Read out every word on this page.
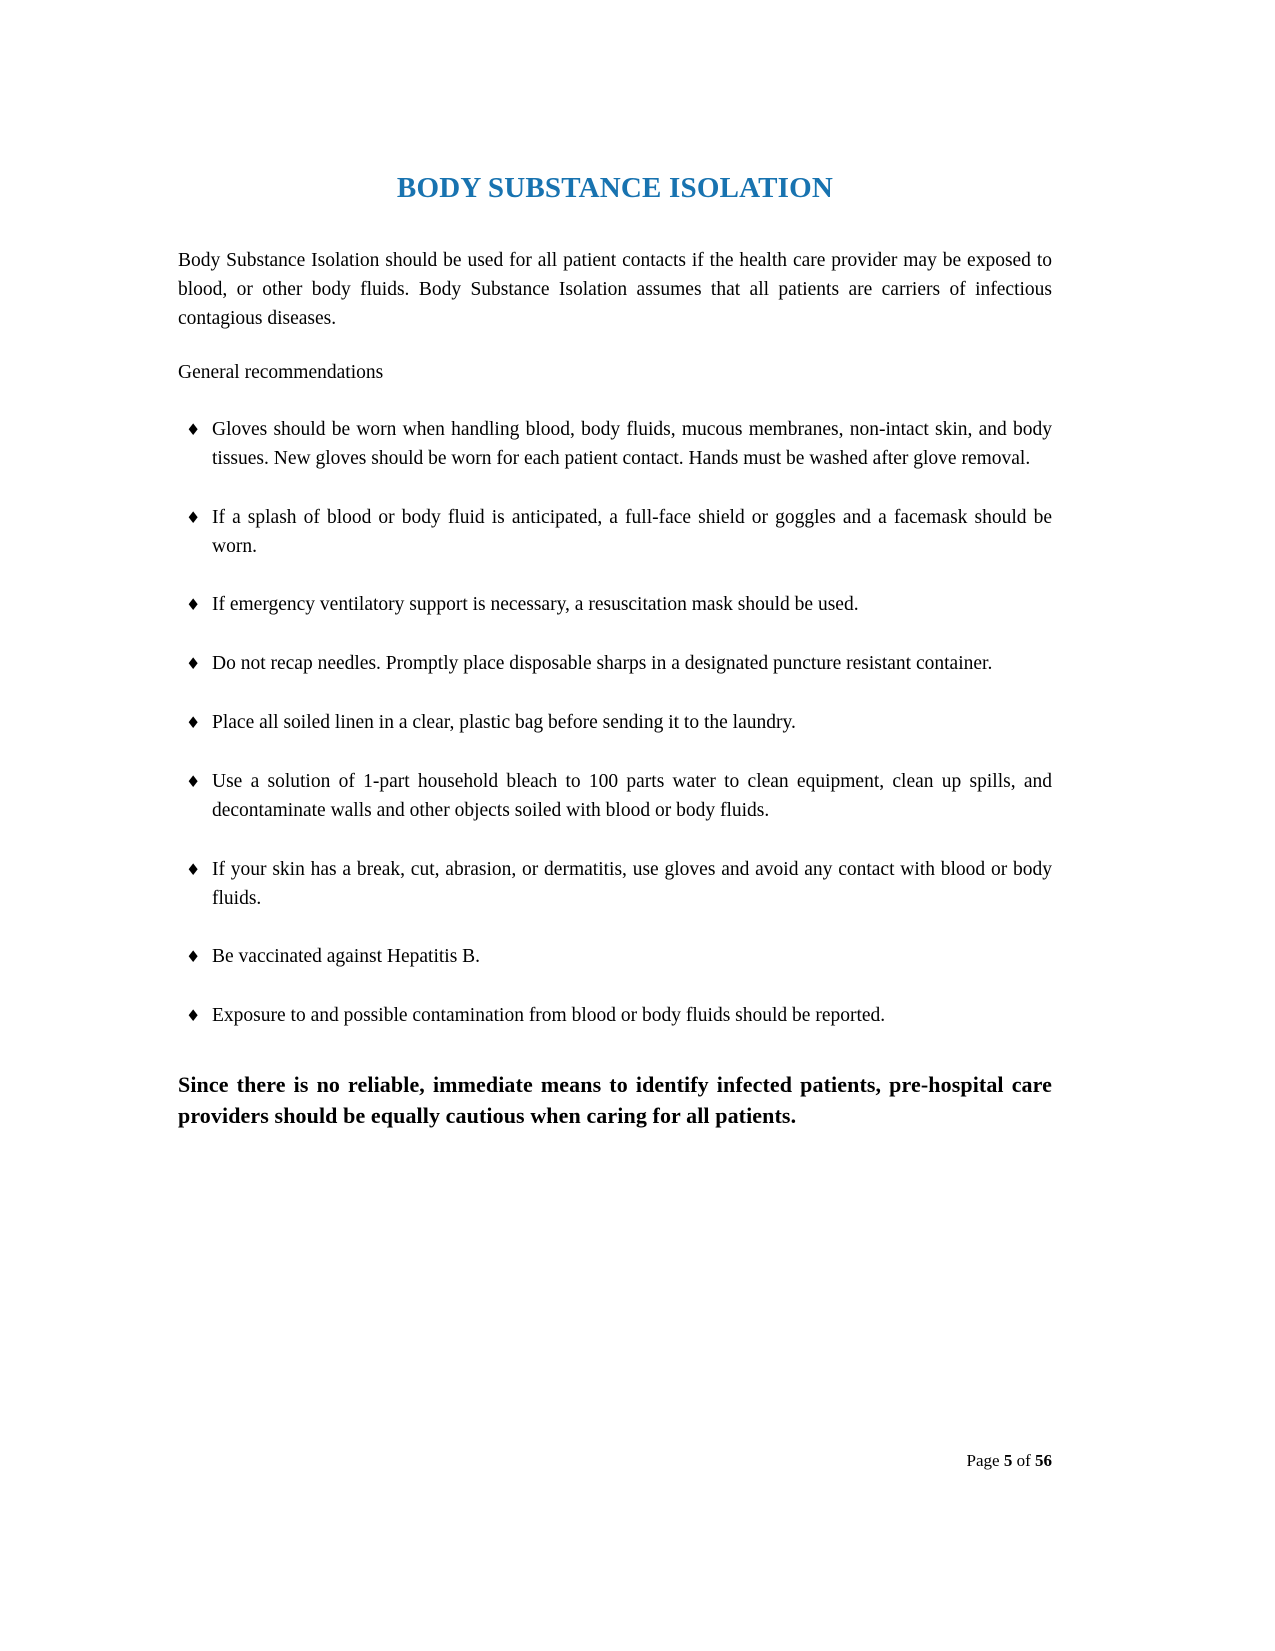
BODY SUBSTANCE ISOLATION

Body Substance Isolation should be used for all patient contacts if the health care provider may be exposed to blood, or other body fluids. Body Substance Isolation assumes that all patients are carriers of infectious contagious diseases.

General recommendations

♦ Gloves should be worn when handling blood, body fluids, mucous membranes, non-intact skin, and body tissues. New gloves should be worn for each patient contact. Hands must be washed after glove removal.
♦ If a splash of blood or body fluid is anticipated, a full-face shield or goggles and a facemask should be worn.
♦ If emergency ventilatory support is necessary, a resuscitation mask should be used.
♦ Do not recap needles. Promptly place disposable sharps in a designated puncture resistant container.
♦ Place all soiled linen in a clear, plastic bag before sending it to the laundry.
♦ Use a solution of 1-part household bleach to 100 parts water to clean equipment, clean up spills, and decontaminate walls and other objects soiled with blood or body fluids.
♦ If your skin has a break, cut, abrasion, or dermatitis, use gloves and avoid any contact with blood or body fluids.
♦ Be vaccinated against Hepatitis B.
♦ Exposure to and possible contamination from blood or body fluids should be reported.

Since there is no reliable, immediate means to identify infected patients, pre-hospital care providers should be equally cautious when caring for all patients.

Page 5 of 56
